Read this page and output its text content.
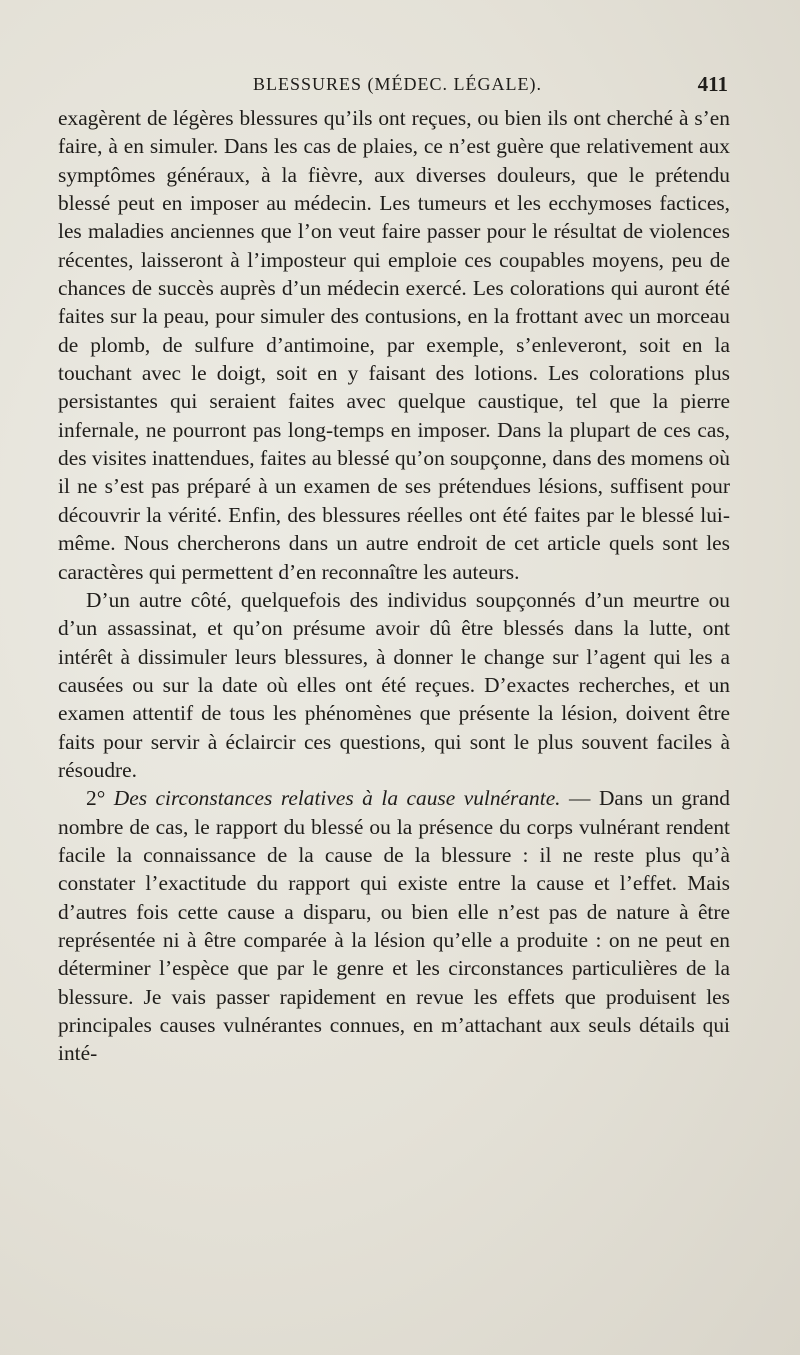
BLESSURES (MÉDEC. LÉGALE).	411

exagèrent de légères blessures qu’ils ont reçues, ou bien ils ont cherché à s’en faire, à en simuler. Dans les cas de plaies, ce n’est guère que relativement aux symptômes généraux, à la fièvre, aux diverses douleurs, que le prétendu blessé peut en imposer au médecin. Les tumeurs et les ecchymoses factices, les maladies anciennes que l’on veut faire passer pour le résultat de violences récentes, laisseront à l’imposteur qui emploie ces coupables moyens, peu de chances de succès auprès d’un médecin exercé. Les colorations qui auront été faites sur la peau, pour simuler des contusions, en la frottant avec un morceau de plomb, de sulfure d’antimoine, par exemple, s’enleveront, soit en la touchant avec le doigt, soit en y faisant des lotions. Les colorations plus persistantes qui seraient faites avec quelque caustique, tel que la pierre infernale, ne pourront pas long-temps en imposer. Dans la plupart de ces cas, des visites inattendues, faites au blessé qu’on soupçonne, dans des momens où il ne s’est pas préparé à un examen de ses prétendues lésions, suffisent pour découvrir la vérité. Enfin, des blessures réelles ont été faites par le blessé lui-même. Nous chercherons dans un autre endroit de cet article quels sont les caractères qui permettent d’en reconnaître les auteurs.

D’un autre côté, quelquefois des individus soupçonnés d’un meurtre ou d’un assassinat, et qu’on présume avoir dû être blessés dans la lutte, ont intérêt à dissimuler leurs blessures, à donner le change sur l’agent qui les a causées ou sur la date où elles ont été reçues. D’exactes recherches, et un examen attentif de tous les phénomènes que présente la lésion, doivent être faits pour servir à éclaircir ces questions, qui sont le plus souvent faciles à résoudre.

2° Des circonstances relatives à la cause vulnérante. — Dans un grand nombre de cas, le rapport du blessé ou la présence du corps vulnérant rendent facile la connaissance de la cause de la blessure : il ne reste plus qu’à constater l’exactitude du rapport qui existe entre la cause et l’effet. Mais d’autres fois cette cause a disparu, ou bien elle n’est pas de nature à être représentée ni à être comparée à la lésion qu’elle a produite : on ne peut en déterminer l’espèce que par le genre et les circonstances particulières de la blessure. Je vais passer rapidement en revue les effets que produisent les principales causes vulnérantes connues, en m’attachant aux seuls détails qui inté-
